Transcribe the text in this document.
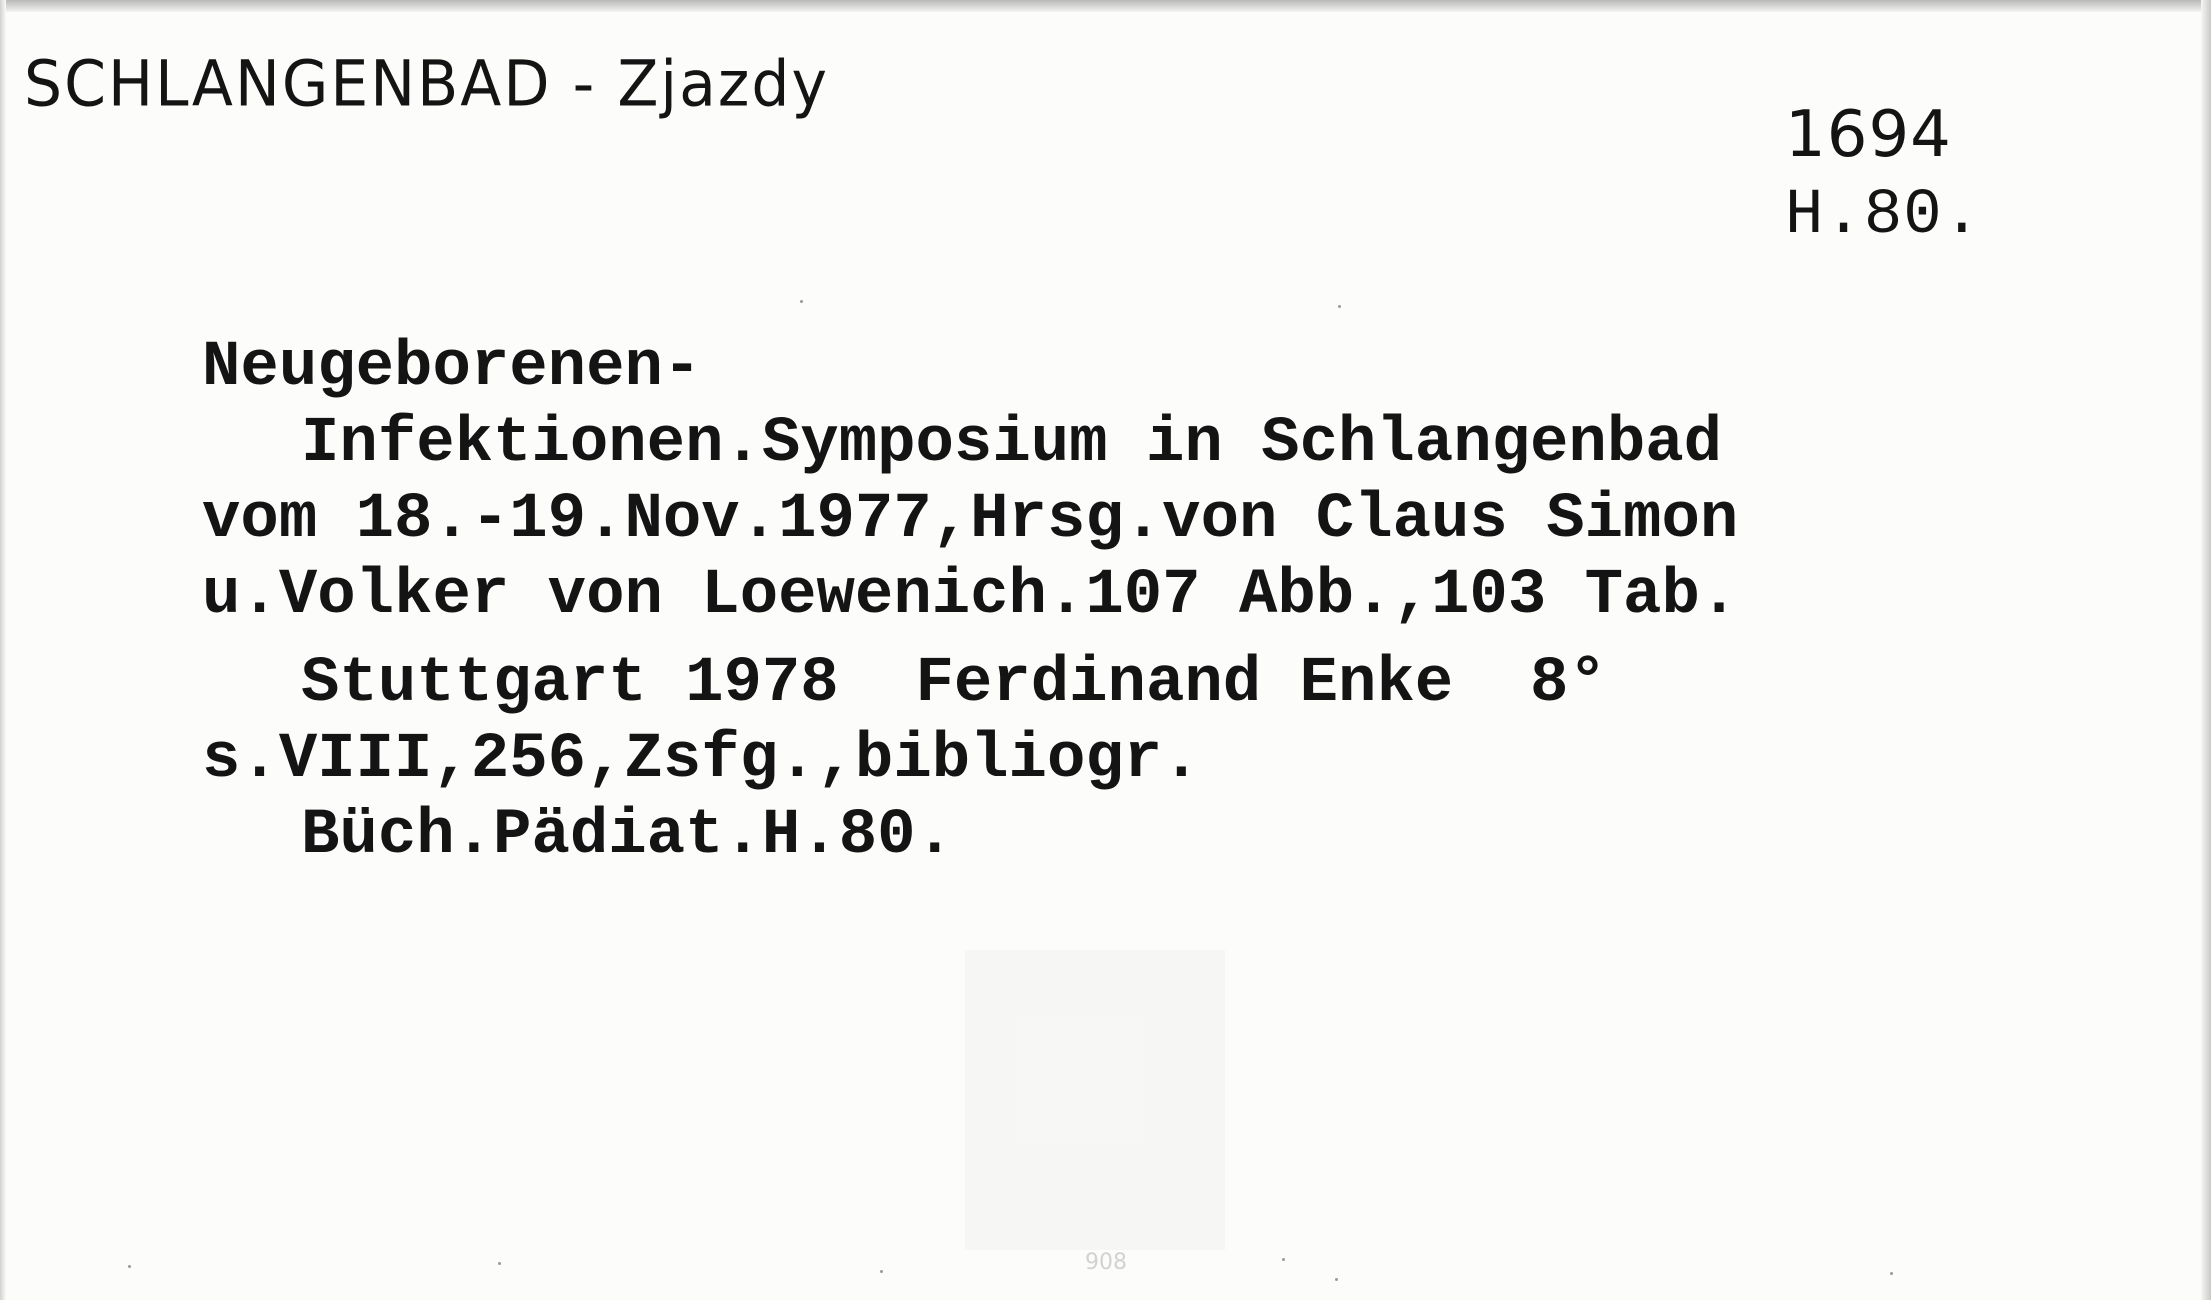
SCHLANGENBAD - Zjazdy
1694
H.80.
Neugeborenen-
Infektionen.Symposium in Schlangenbad
vom 18.-19.Nov.1977,Hrsg.von Claus Simon
u.Volker von Loewenich.107 Abb.,103 Tab.
Stuttgart 1978  Ferdinand Enke  8°
s.VIII,256,Zsfg.,bibliogr.
Büch.Pädiat.H.80.
908
